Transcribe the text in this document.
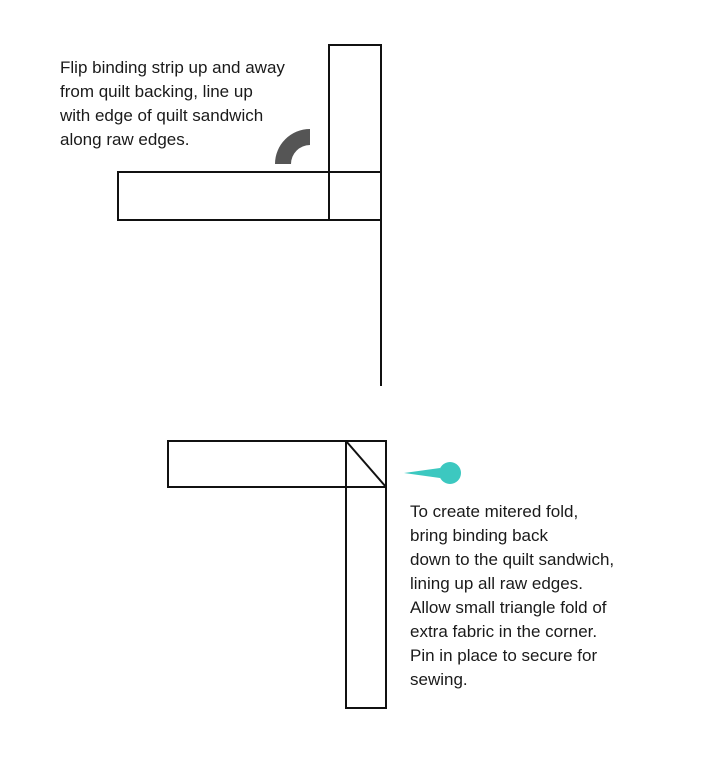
Flip binding strip up and away
from quilt backing, line up
with edge of quilt sandwich
along raw edges.

To create mitered fold,
bring binding back
down to the quilt sandwich,
lining up all raw edges.
Allow small triangle fold of
extra fabric in the corner.
Pin in place to secure for
sewing.
